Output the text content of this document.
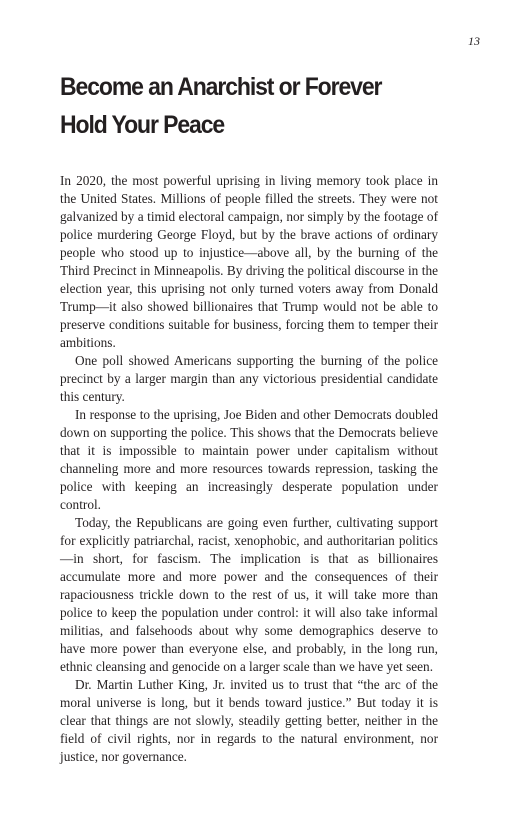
13
Become an Anarchist or Forever Hold Your Peace

In 2020, the most powerful uprising in living memory took place in the United States. Millions of people filled the streets. They were not galvanized by a timid electoral campaign, nor simply by the footage of police murdering George Floyd, but by the brave actions of ordinary people who stood up to injustice—above all, by the burning of the Third Precinct in Minneapolis. By driving the political discourse in the election year, this uprising not only turned voters away from Donald Trump—it also showed billionaires that Trump would not be able to preserve conditions suitable for business, forcing them to temper their ambitions.

One poll showed Americans supporting the burning of the police precinct by a larger margin than any victorious presidential candidate this century.

In response to the uprising, Joe Biden and other Democrats doubled down on supporting the police. This shows that the Democrats believe that it is impossible to maintain power under capitalism without channeling more and more resources towards repression, tasking the police with keeping an increasingly desperate population under control.

Today, the Republicans are going even further, cultivating support for explicitly patriarchal, racist, xenophobic, and authoritarian politics—in short, for fascism. The implication is that as billionaires accumulate more and more power and the consequences of their rapaciousness trickle down to the rest of us, it will take more than police to keep the population under control: it will also take informal militias, and falsehoods about why some demographics deserve to have more power than everyone else, and probably, in the long run, ethnic cleansing and genocide on a larger scale than we have yet seen.

Dr. Martin Luther King, Jr. invited us to trust that “the arc of the moral universe is long, but it bends toward justice.” But today it is clear that things are not slowly, steadily getting better, neither in the field of civil rights, nor in regards to the natural environment, nor justice, nor governance.
